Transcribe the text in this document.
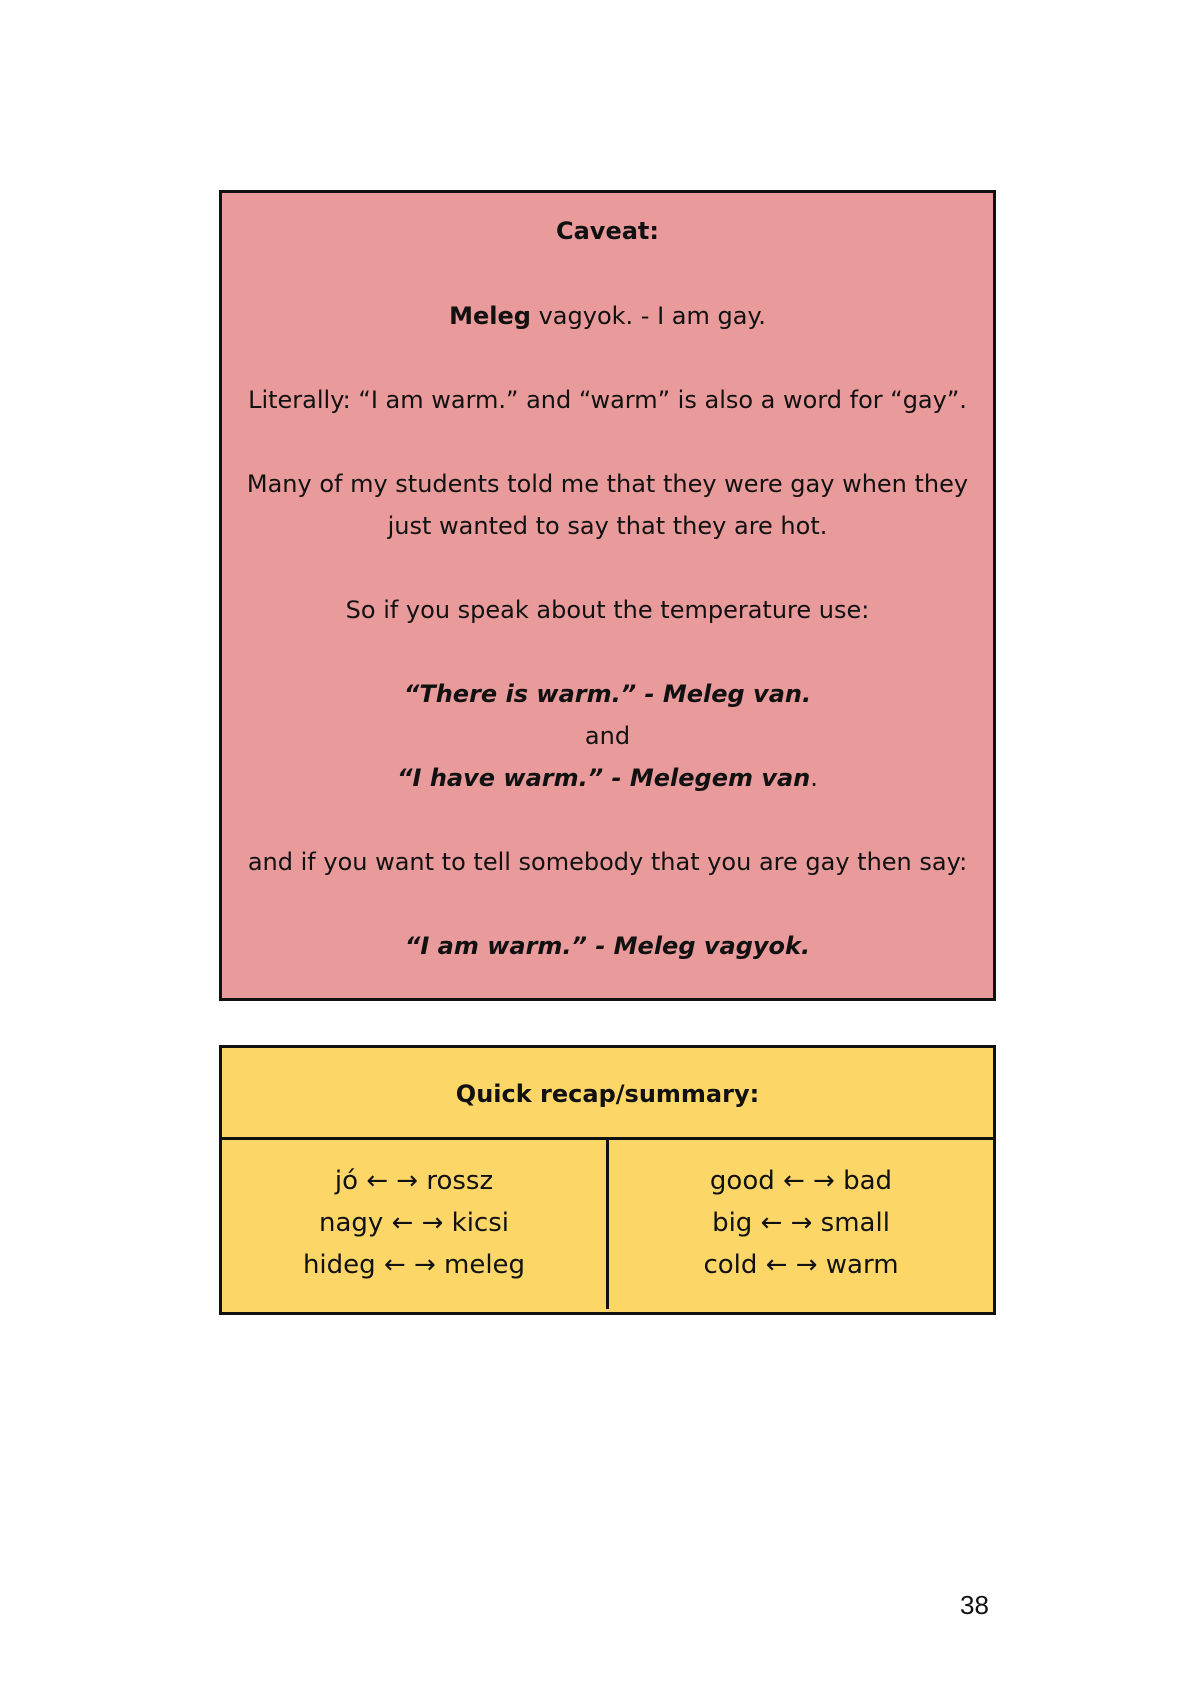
Caveat:

Meleg vagyok. - I am gay.

Literally: “I am warm.” and “warm” is also a word for “gay”.

Many of my students told me that they were gay when they

just wanted to say that they are hot.

So if you speak about the temperature use:

“There is warm.” - Meleg van.

and

“I have warm.” - Melegem van.

and if you want to tell somebody that you are gay then say:

“I am warm.” - Meleg vagyok.

Quick recap/summary:
jó ← → rossz
nagy ← → kicsi
hideg ← → meleg
good ← → bad
big ← → small
cold ← → warm
38
